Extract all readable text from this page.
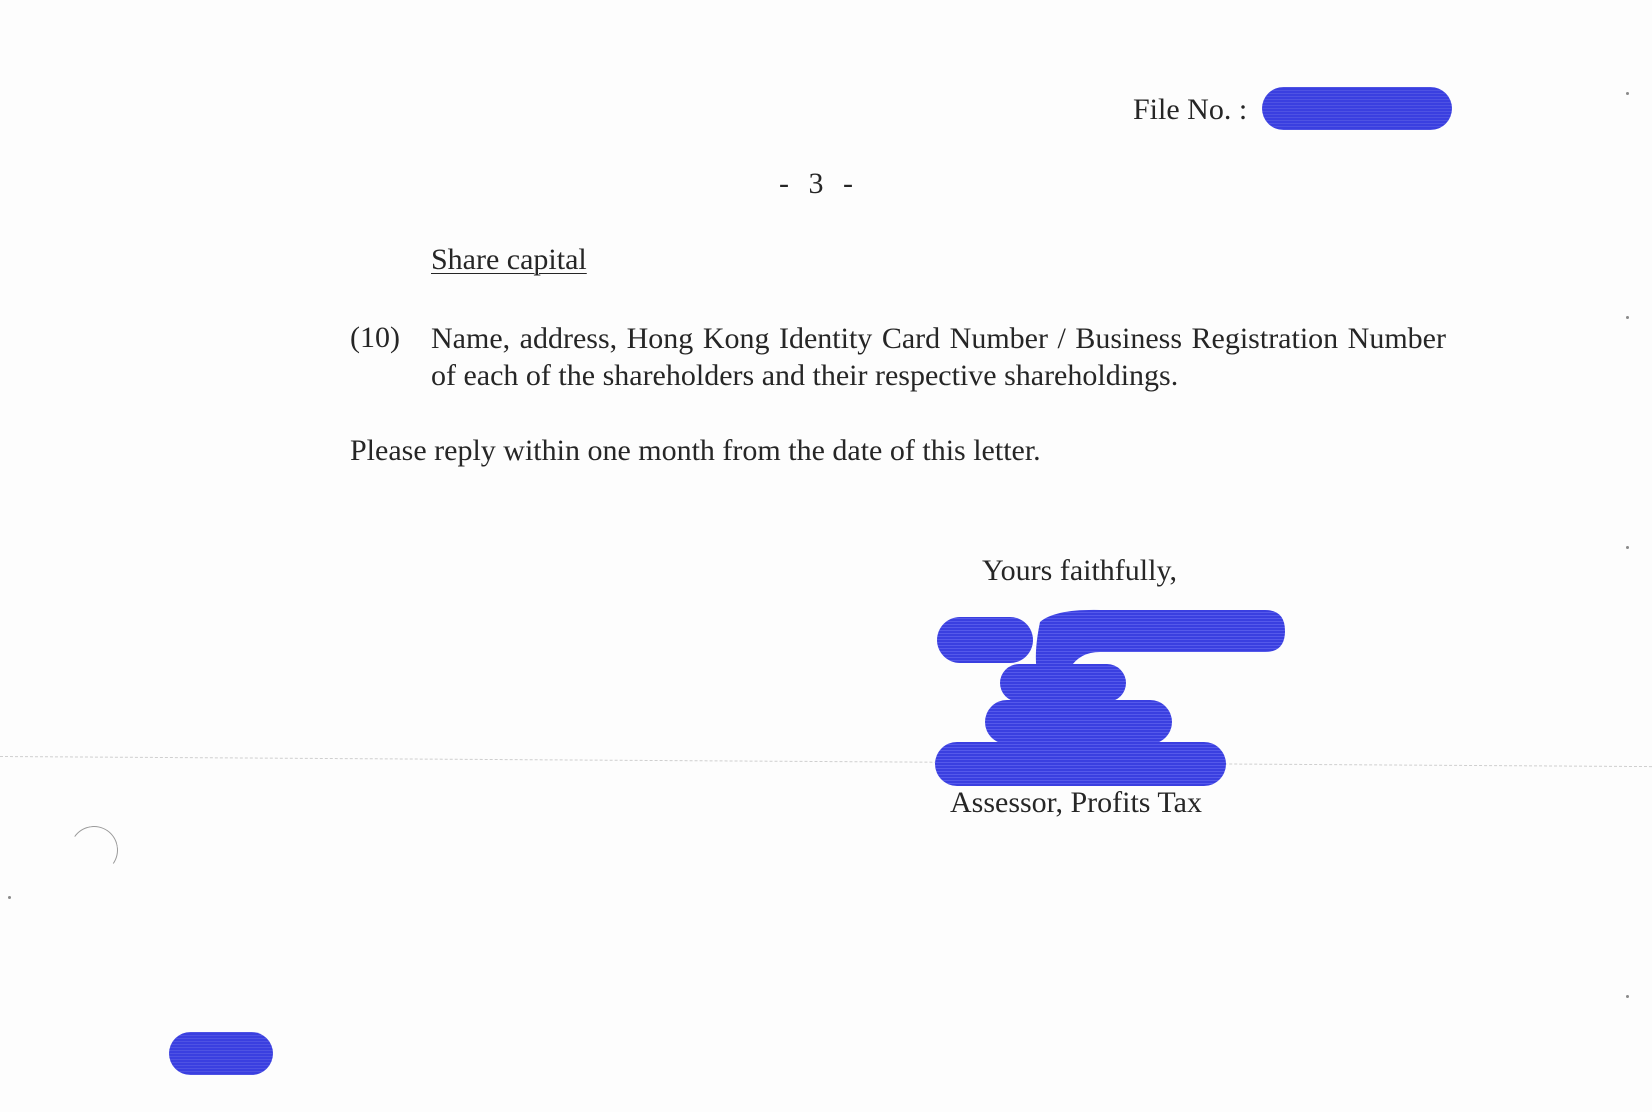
File No. :
- 3 -
Share capital
(10) Name, address, Hong Kong Identity Card Number / Business Registration Number of each of the shareholders and their respective shareholdings.
Please reply within one month from the date of this letter.
Yours faithfully,
Assessor, Profits Tax
